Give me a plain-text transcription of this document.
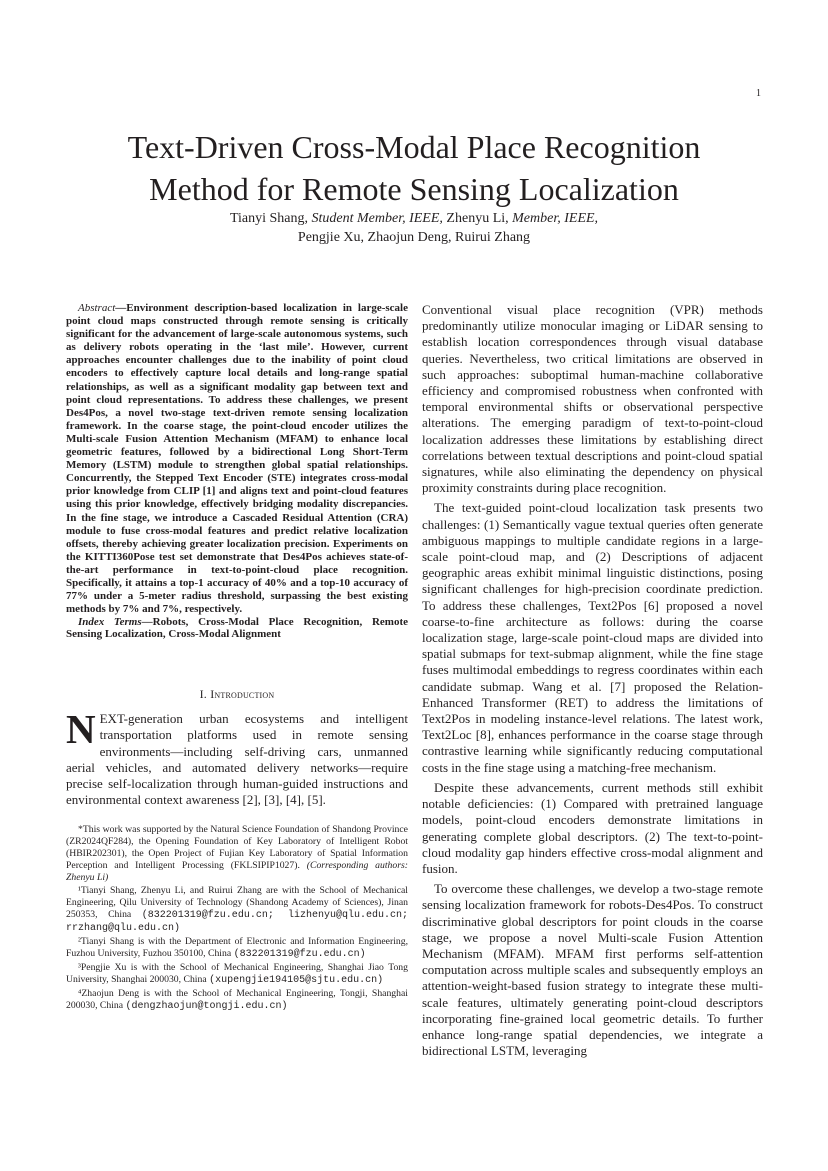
1
Text-Driven Cross-Modal Place Recognition
Method for Remote Sensing Localization
Tianyi Shang, Student Member, IEEE, Zhenyu Li, Member, IEEE,
Pengjie Xu, Zhaojun Deng, Ruirui Zhang

Abstract—Environment description-based localization in large-scale point cloud maps constructed through remote sensing is critically significant for the advancement of large-scale autonomous systems, such as delivery robots operating in the ‘last mile’. However, current approaches encounter challenges due to the inability of point cloud encoders to effectively capture local details and long-range spatial relationships, as well as a significant modality gap between text and point cloud representations. To address these challenges, we present Des4Pos, a novel two-stage text-driven remote sensing localization framework. In the coarse stage, the point-cloud encoder utilizes the Multi-scale Fusion Attention Mechanism (MFAM) to enhance local geometric features, followed by a bidirectional Long Short-Term Memory (LSTM) module to strengthen global spatial relationships. Concurrently, the Stepped Text Encoder (STE) integrates cross-modal prior knowledge from CLIP [1] and aligns text and point-cloud features using this prior knowledge, effectively bridging modality discrepancies. In the fine stage, we introduce a Cascaded Residual Attention (CRA) module to fuse cross-modal features and predict relative localization offsets, thereby achieving greater localization precision. Experiments on the KITTI360Pose test set demonstrate that Des4Pos achieves state-of-the-art performance in text-to-point-cloud place recognition. Specifically, it attains a top-1 accuracy of 40% and a top-10 accuracy of 77% under a 5-meter radius threshold, surpassing the best existing methods by 7% and 7%, respectively.

Index Terms—Robots, Cross-Modal Place Recognition, Remote Sensing Localization, Cross-Modal Alignment

I. Introduction

NEXT-generation urban ecosystems and intelligent transportation platforms used in remote sensing environments—including self-driving cars, unmanned aerial vehicles, and automated delivery networks—require precise self-localization through human-guided instructions and environmental context awareness [2], [3], [4], [5].

*This work was supported by the Natural Science Foundation of Shandong Province (ZR2024QF284), the Opening Foundation of Key Laboratory of Intelligent Robot (HBIR202301), the Open Project of Fujian Key Laboratory of Spatial Information Perception and Intelligent Processing (FKLSIPIP1027). (Corresponding authors: Zhenyu Li)

¹Tianyi Shang, Zhenyu Li, and Ruirui Zhang are with the School of Mechanical Engineering, Qilu University of Technology (Shandong Academy of Sciences), Jinan 250353, China (832201319@fzu.edu.cn; lizhenyu@qlu.edu.cn; rrzhang@qlu.edu.cn)

²Tianyi Shang is with the Department of Electronic and Information Engineering, Fuzhou University, Fuzhou 350100, China (832201319@fzu.edu.cn)

³Pengjie Xu is with the School of Mechanical Engineering, Shanghai Jiao Tong University, Shanghai 200030, China (xupengjie194105@sjtu.edu.cn)

⁴Zhaojun Deng is with the School of Mechanical Engineering, Tongji, Shanghai 200030, China (dengzhaojun@tongji.edu.cn)

Conventional visual place recognition (VPR) methods predominantly utilize monocular imaging or LiDAR sensing to establish location correspondences through visual database queries. Nevertheless, two critical limitations are observed in such approaches: suboptimal human-machine collaborative efficiency and compromised robustness when confronted with temporal environmental shifts or observational perspective alterations. The emerging paradigm of text-to-point-cloud localization addresses these limitations by establishing direct correlations between textual descriptions and point-cloud spatial signatures, while also eliminating the dependency on physical proximity constraints during place recognition.

The text-guided point-cloud localization task presents two challenges: (1) Semantically vague textual queries often generate ambiguous mappings to multiple candidate regions in a large-scale point-cloud map, and (2) Descriptions of adjacent geographic areas exhibit minimal linguistic distinctions, posing significant challenges for high-precision coordinate prediction. To address these challenges, Text2Pos [6] proposed a novel coarse-to-fine architecture as follows: during the coarse localization stage, large-scale point-cloud maps are divided into spatial submaps for text-submap alignment, while the fine stage fuses multimodal embeddings to regress coordinates within each candidate submap. Wang et al. [7] proposed the Relation-Enhanced Transformer (RET) to address the limitations of Text2Pos in modeling instance-level relations. The latest work, Text2Loc [8], enhances performance in the coarse stage through contrastive learning while significantly reducing computational costs in the fine stage using a matching-free mechanism.

Despite these advancements, current methods still exhibit notable deficiencies: (1) Compared with pretrained language models, point-cloud encoders demonstrate limitations in generating complete global descriptors. (2) The text-to-point-cloud modality gap hinders effective cross-modal alignment and fusion.

To overcome these challenges, we develop a two-stage remote sensing localization framework for robots-Des4Pos. To construct discriminative global descriptors for point clouds in the coarse stage, we propose a novel Multi-scale Fusion Attention Mechanism (MFAM). MFAM first performs self-attention computation across multiple scales and subsequently employs an attention-weight-based fusion strategy to integrate these multi-scale features, ultimately generating point-cloud descriptors incorporating fine-grained local geometric details. To further enhance long-range spatial dependencies, we integrate a bidirectional LSTM, leveraging
